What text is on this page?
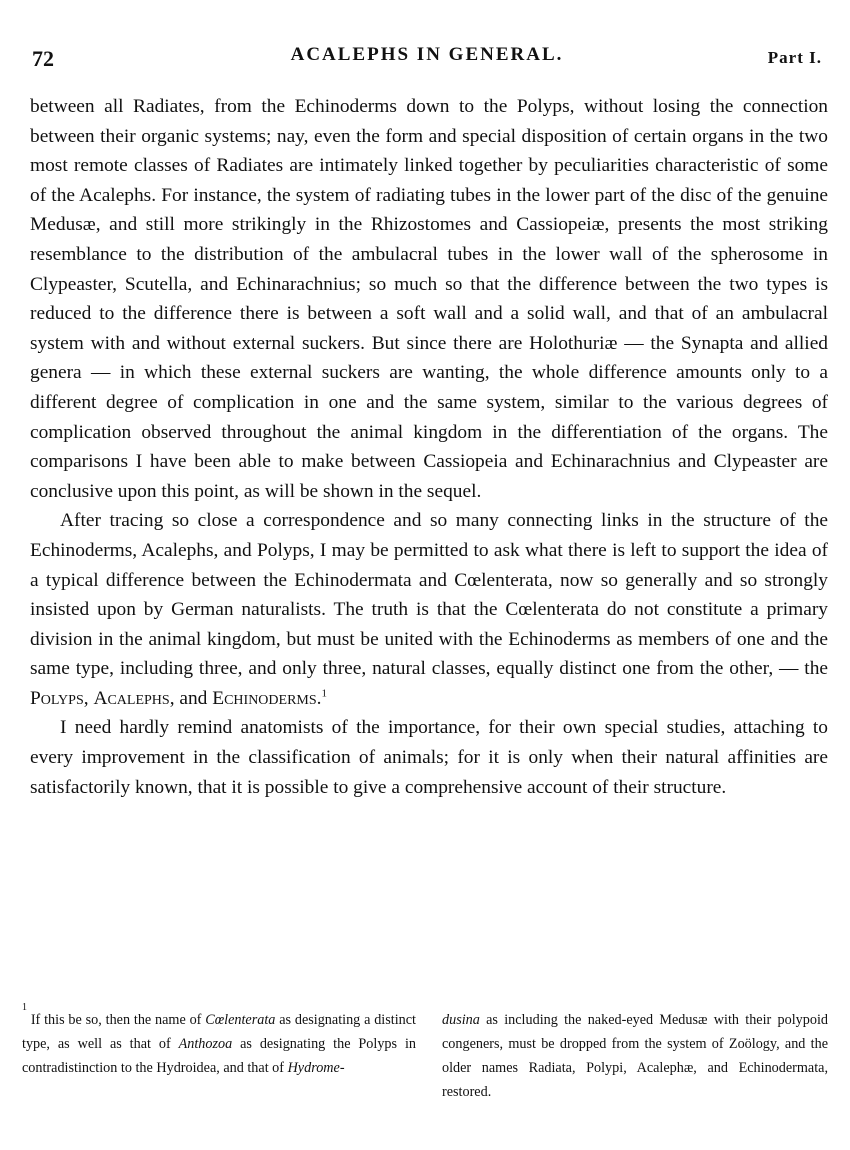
72	ACALEPHS IN GENERAL.	Part I.

between all Radiates, from the Echinoderms down to the Polyps, without losing the connection between their organic systems; nay, even the form and special disposition of certain organs in the two most remote classes of Radiates are intimately linked together by peculiarities characteristic of some of the Acalephs. For instance, the system of radiating tubes in the lower part of the disc of the genuine Medusæ, and still more strikingly in the Rhizostomes and Cassiopeiæ, presents the most striking resemblance to the distribution of the ambulacral tubes in the lower wall of the spherosome in Clypeaster, Scutella, and Echinarachnius; so much so that the difference between the two types is reduced to the difference there is between a soft wall and a solid wall, and that of an ambulacral system with and without external suckers. But since there are Holothuriæ — the Synapta and allied genera — in which these external suckers are wanting, the whole difference amounts only to a different degree of complication in one and the same system, similar to the various degrees of complication observed throughout the animal kingdom in the differentiation of the organs. The comparisons I have been able to make between Cassiopeia and Echinarachnius and Clypeaster are conclusive upon this point, as will be shown in the sequel.

After tracing so close a correspondence and so many connecting links in the structure of the Echinoderms, Acalephs, and Polyps, I may be permitted to ask what there is left to support the idea of a typical difference between the Echinodermata and Cœlenterata, now so generally and so strongly insisted upon by German naturalists. The truth is that the Cœlenterata do not constitute a primary division in the animal kingdom, but must be united with the Echinoderms as members of one and the same type, including three, and only three, natural classes, equally distinct one from the other, — the Polyps, Acalephs, and Echinoderms.$^1$

I need hardly remind anatomists of the importance, for their own special studies, attaching to every improvement in the classification of animals; for it is only when their natural affinities are satisfactorily known, that it is possible to give a comprehensive account of their structure.

$^1$ If this be so, then the name of Cœlenterata as designating a distinct type, as well as that of Anthozoa as designating the Polyps in contradistinction to the Hydroidea, and that of Hydrome-
dusina as including the naked-eyed Medusæ with their polypoid congeners, must be dropped from the system of Zoölogy, and the older names Radiata, Polypi, Acalephæ, and Echinodermata, restored.
